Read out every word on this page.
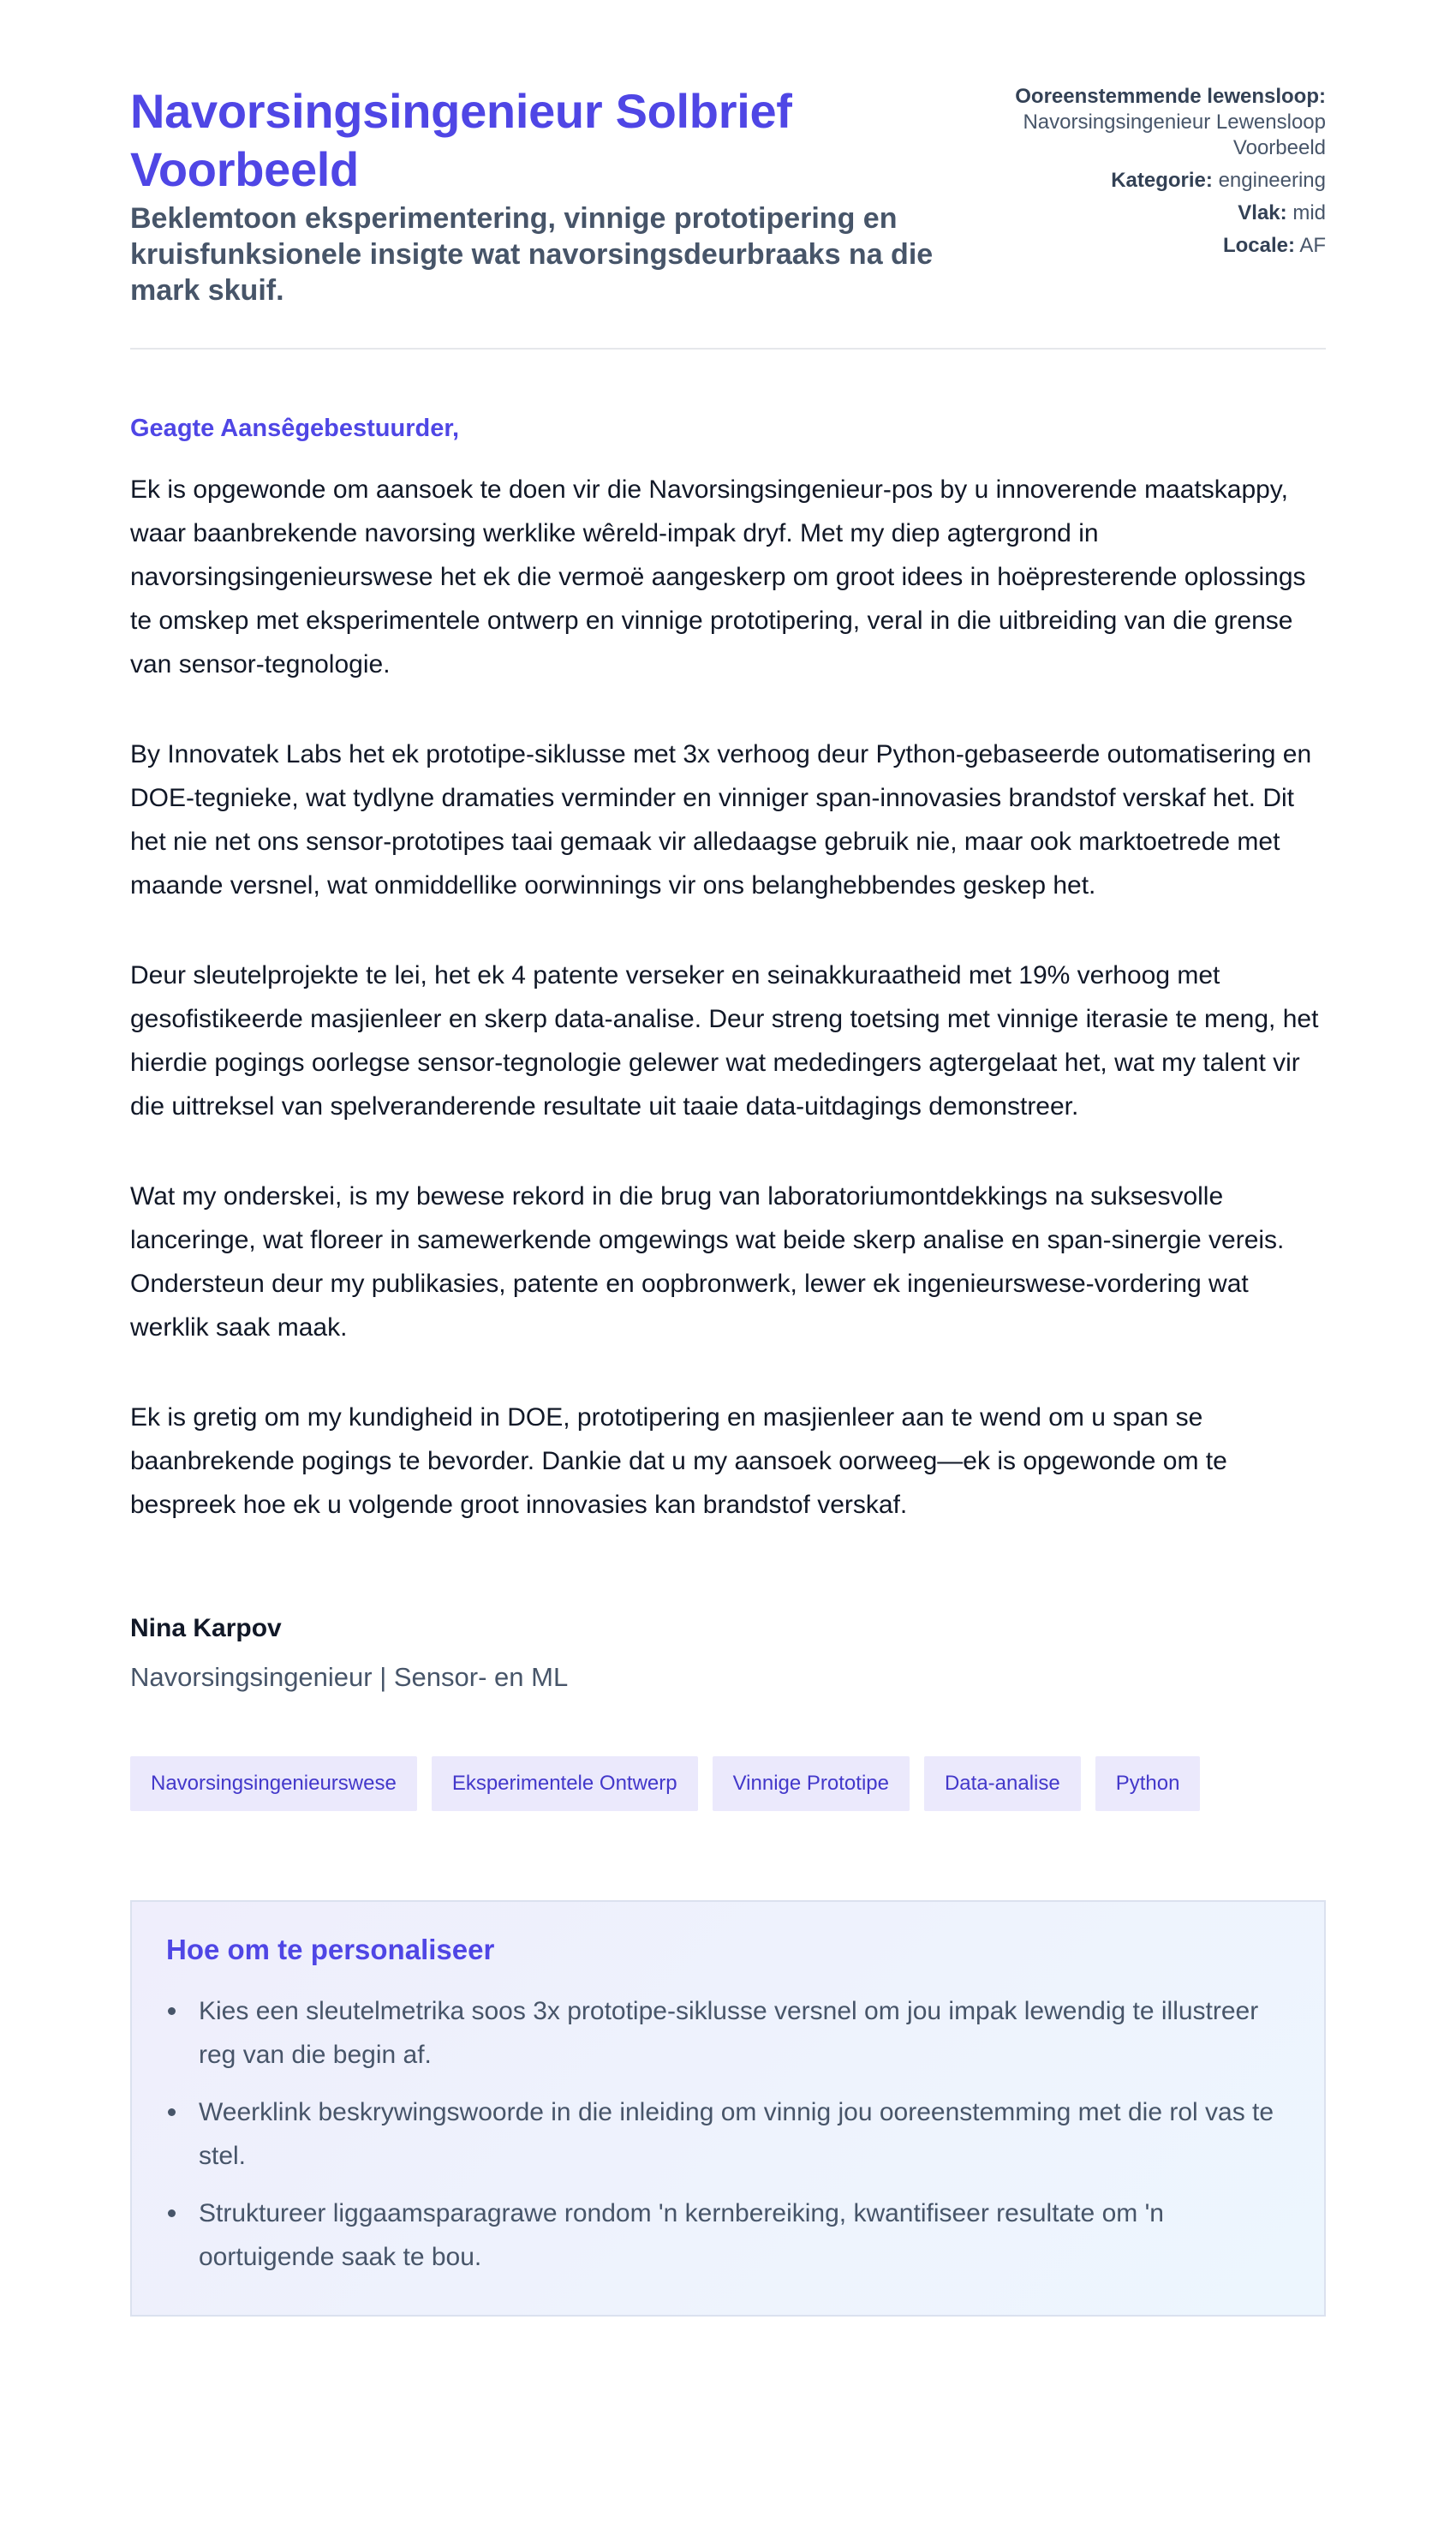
Navorsingsingenieur Solbrief Voorbeeld

Beklemtoon eksperimentering, vinnige prototipering en kruisfunksionele insigte wat navorsingsdeurbraaks na die mark skuif.

Ooreenstemmende lewensloop:
Navorsingsingenieur Lewensloop Voorbeeld
Kategorie: engineering
Vlak: mid
Locale: AF

Geagte Aansêgebestuurder,

Ek is opgewonde om aansoek te doen vir die Navorsingsingenieur-pos by u innoverende maatskappy, waar baanbrekende navorsing werklike wêreld-impak dryf. Met my diep agtergrond in navorsingsingenieurswese het ek die vermoë aangeskerp om groot idees in hoëpresterende oplossings te omskep met eksperimentele ontwerp en vinnige prototipering, veral in die uitbreiding van die grense van sensor-tegnologie.

By Innovatek Labs het ek prototipe-siklusse met 3x verhoog deur Python-gebaseerde outomatisering en DOE-tegnieke, wat tydlyne dramaties verminder en vinniger span-innovasies brandstof verskaf het. Dit het nie net ons sensor-prototipes taai gemaak vir alledaagse gebruik nie, maar ook marktoetrede met maande versnel, wat onmiddellike oorwinnings vir ons belanghebbendes geskep het.

Deur sleutelprojekte te lei, het ek 4 patente verseker en seinakkuraatheid met 19% verhoog met gesofistikeerde masjienleer en skerp data-analise. Deur streng toetsing met vinnige iterasie te meng, het hierdie pogings oorlegse sensor-tegnologie gelewer wat mededingers agtergelaat het, wat my talent vir die uittreksel van spelveranderende resultate uit taaie data-uitdagings demonstreer.

Wat my onderskei, is my bewese rekord in die brug van laboratoriumontdekkings na suksesvolle lanceringe, wat floreer in samewerkende omgewings wat beide skerp analise en span-sinergie vereis. Ondersteun deur my publikasies, patente en oopbronwerk, lewer ek ingenieurswese-vordering wat werklik saak maak.

Ek is gretig om my kundigheid in DOE, prototipering en masjienleer aan te wend om u span se baanbrekende pogings te bevorder. Dankie dat u my aansoek oorweeg—ek is opgewonde om te bespreek hoe ek u volgende groot innovasies kan brandstof verskaf.

Nina Karpov

Navorsingsingenieur | Sensor- en ML

Navorsingsingenieurswese	Eksperimentele Ontwerp	Vinnige Prototipe	Data-analise	Python
Hoe om te personaliseer
Kies een sleutelmetrika soos 3x prototipe-siklusse versnel om jou impak lewendig te illustreer reg van die begin af.
Weerklink beskrywingswoorde in die inleiding om vinnig jou ooreenstemming met die rol vas te stel.
Struktureer liggaamsparagrawe rondom 'n kernbereiking, kwantifiseer resultate om 'n oortuigende saak te bou.
